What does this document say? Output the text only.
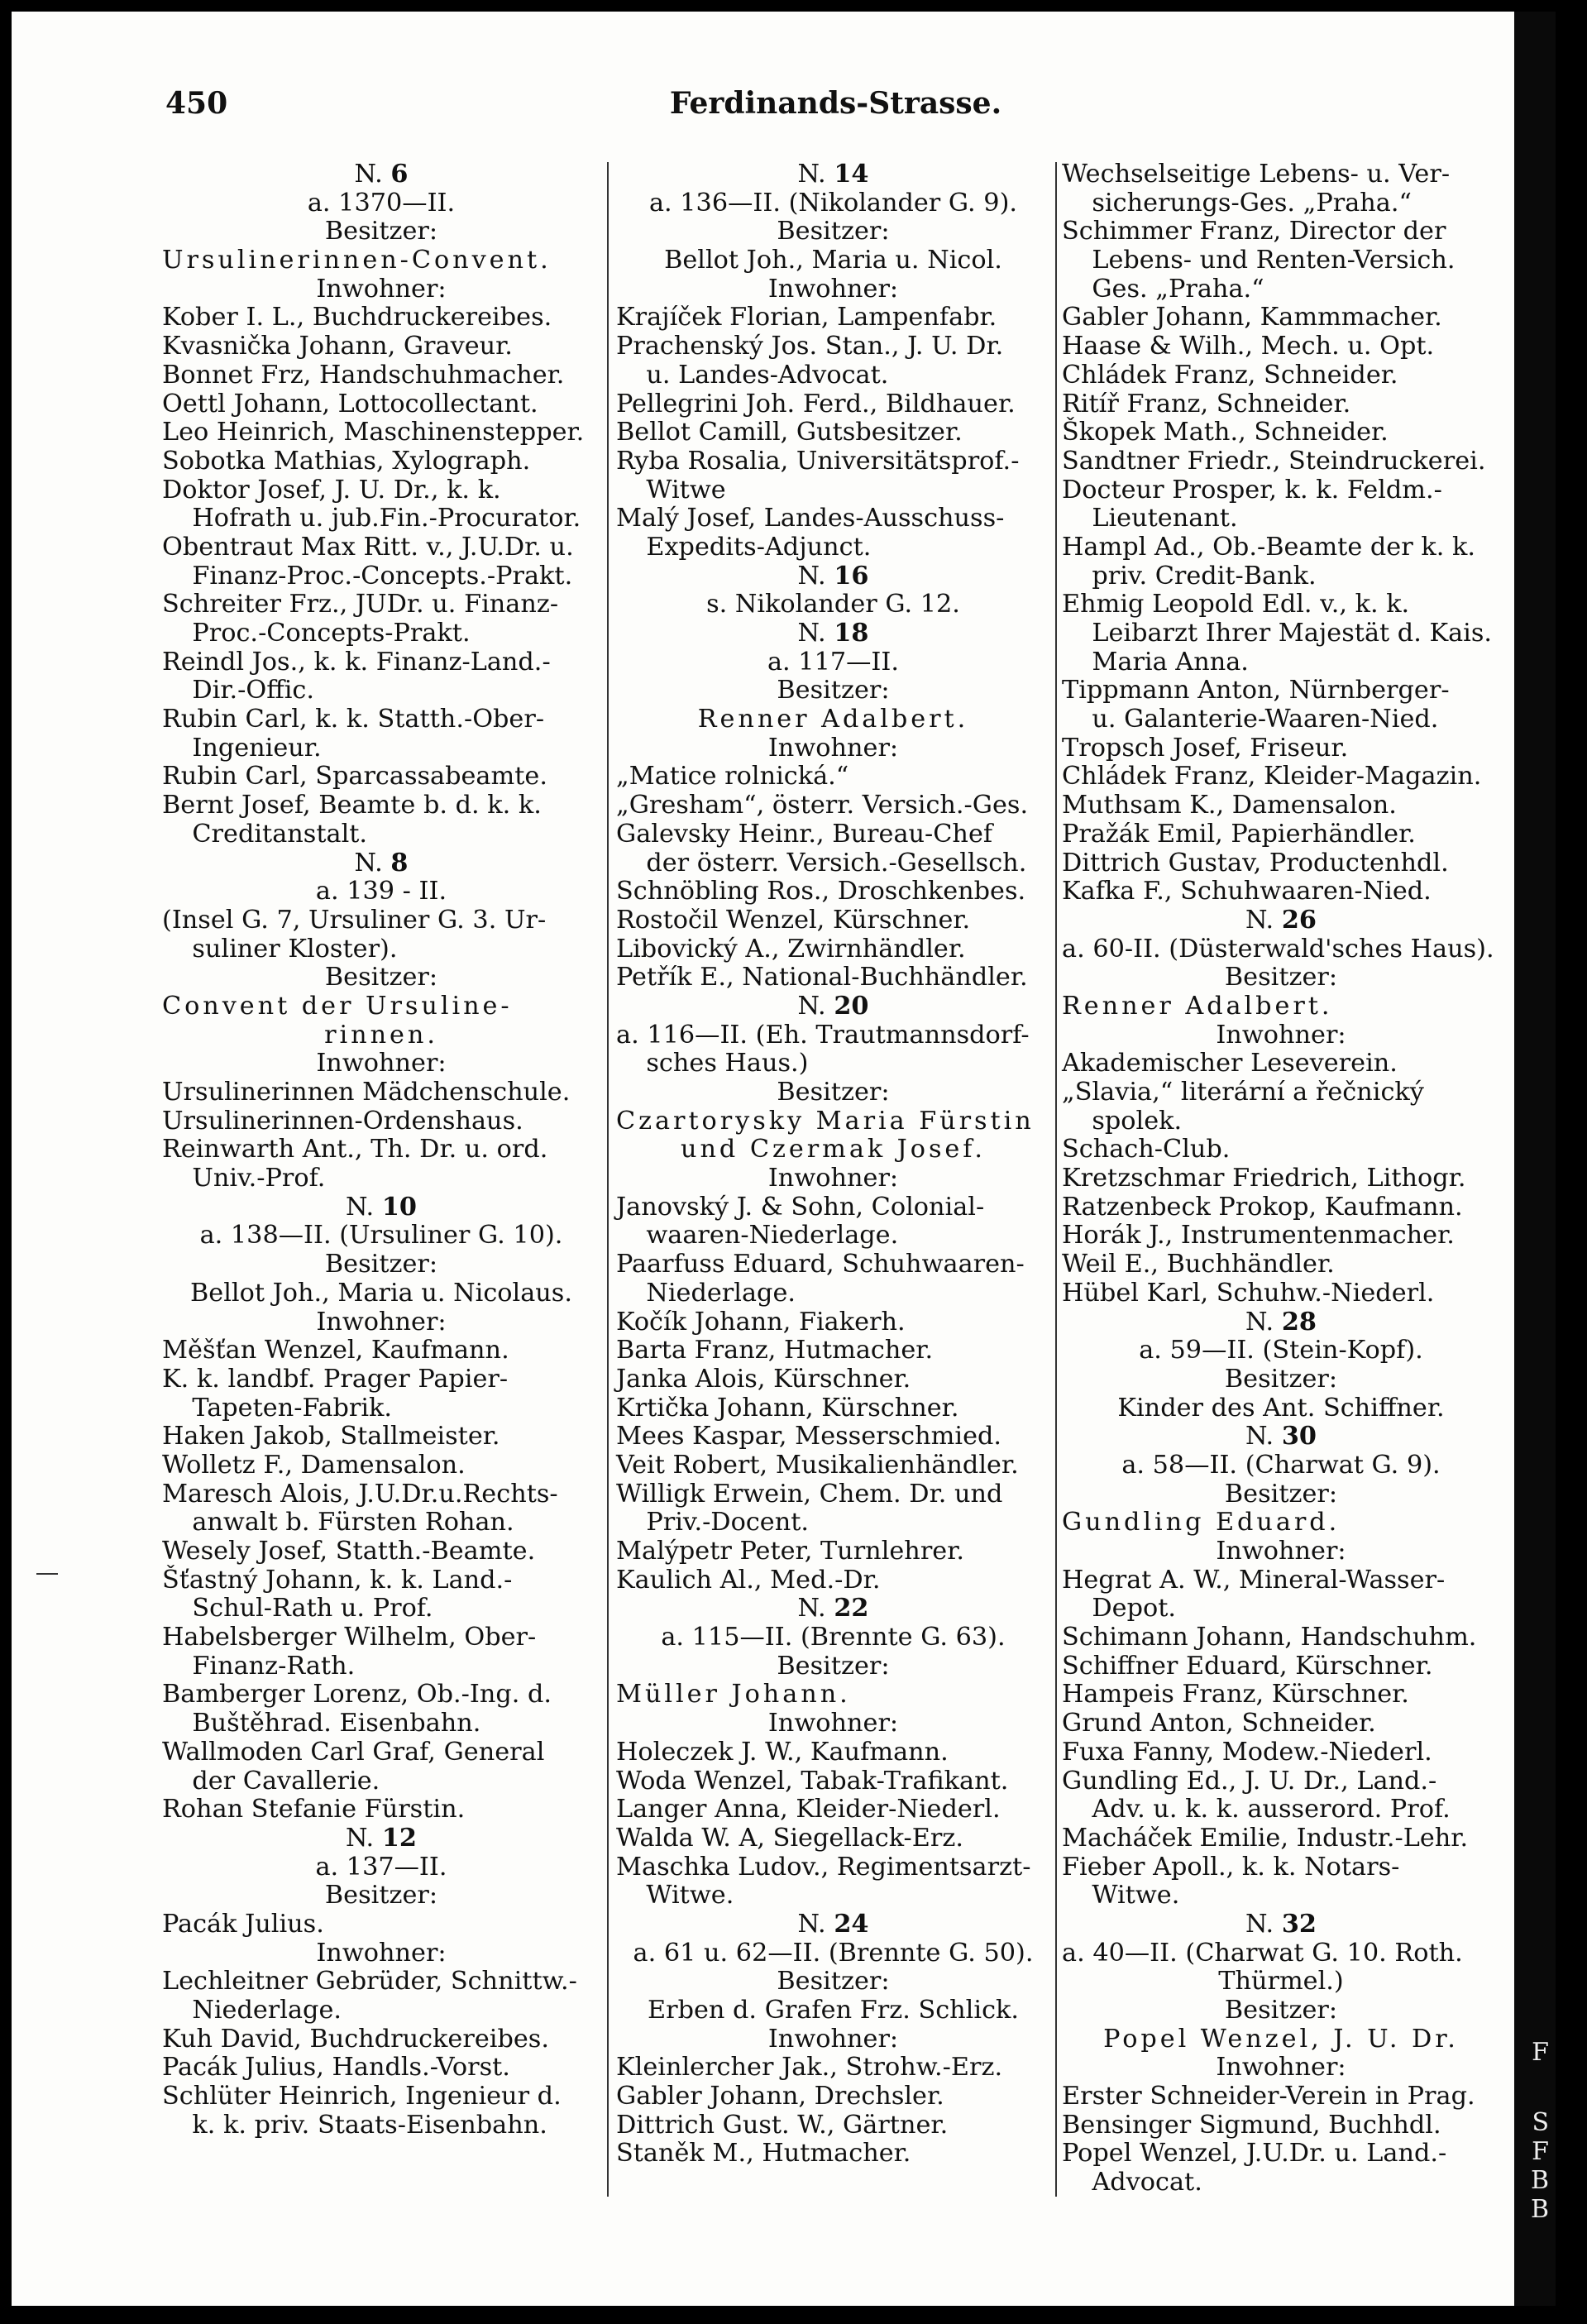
450	Ferdinands-Strasse.
N. 6
a. 1370—II.
Besitzer:
Ursulinerinnen-Convent.
Inwohner:
Kober I. L., Buchdruckereibes.
Kvasnička Johann, Graveur.
Bonnet Frz, Handschuhmacher.
Oettl Johann, Lottocollectant.
Leo Heinrich, Maschinenstepper.
Sobotka Mathias, Xylograph.
Doktor Josef, J. U. Dr., k. k.
Hofrath u. jub.Fin.-Procurator.
Obentraut Max Ritt. v., J.U.Dr. u.
Finanz-Proc.-Concepts.-Prakt.
Schreiter Frz., JUDr. u. Finanz-
Proc.-Concepts-Prakt.
Reindl Jos., k. k. Finanz-Land.-
Dir.-Offic.
Rubin Carl, k. k. Statth.-Ober-
Ingenieur.
Rubin Carl, Sparcassabeamte.
Bernt Josef, Beamte b. d. k. k.
Creditanstalt.
N. 8
a. 139 - II.
(Insel G. 7, Ursuliner G. 3. Ur-
suliner Kloster).
Besitzer:
Convent der Ursuline-
rinnen.
Inwohner:
Ursulinerinnen Mädchenschule.
Ursulinerinnen-Ordenshaus.
Reinwarth Ant., Th. Dr. u. ord.
Univ.-Prof.
N. 10
a. 138—II. (Ursuliner G. 10).
Besitzer:
Bellot Joh., Maria u. Nicolaus.
Inwohner:
Měšťan Wenzel, Kaufmann.
K. k. landbf. Prager Papier-
Tapeten-Fabrik.
Haken Jakob, Stallmeister.
Wolletz F., Damensalon.
Maresch Alois, J.U.Dr.u.Rechts-
anwalt b. Fürsten Rohan.
Wesely Josef, Statth.-Beamte.
Šťastný Johann, k. k. Land.-
Schul-Rath u. Prof.
Habelsberger Wilhelm, Ober-
Finanz-Rath.
Bamberger Lorenz, Ob.-Ing. d.
Buštěhrad. Eisenbahn.
Wallmoden Carl Graf, General
der Cavallerie.
Rohan Stefanie Fürstin.
N. 12
a. 137—II.
Besitzer:
Pacák Julius.
Inwohner:
Lechleitner Gebrüder, Schnittw.-
Niederlage.
Kuh David, Buchdruckereibes.
Pacák Julius, Handls.-Vorst.
Schlüter Heinrich, Ingenieur d.
k. k. priv. Staats-Eisenbahn.
N. 14
a. 136—II. (Nikolander G. 9).
Besitzer:
Bellot Joh., Maria u. Nicol.
Inwohner:
Krajíček Florian, Lampenfabr.
Prachenský Jos. Stan., J. U. Dr.
u. Landes-Advocat.
Pellegrini Joh. Ferd., Bildhauer.
Bellot Camill, Gutsbesitzer.
Ryba Rosalia, Universitätsprof.-
Witwe
Malý Josef, Landes-Ausschuss-
Expedits-Adjunct.
N. 16
s. Nikolander G. 12.
N. 18
a. 117—II.
Besitzer:
Renner Adalbert.
Inwohner:
„Matice rolnická.“
„Gresham“, österr. Versich.-Ges.
Galevsky Heinr., Bureau-Chef
der österr. Versich.-Gesellsch.
Schnöbling Ros., Droschkenbes.
Rostočil Wenzel, Kürschner.
Libovický A., Zwirnhändler.
Petřík E., National-Buchhändler.
N. 20
a. 116—II. (Eh. Trautmannsdorf-
sches Haus.)
Besitzer:
Czartorysky Maria Fürstin
und Czermak Josef.
Inwohner:
Janovský J. & Sohn, Colonial-
waaren-Niederlage.
Paarfuss Eduard, Schuhwaaren-
Niederlage.
Kočík Johann, Fiakerh.
Barta Franz, Hutmacher.
Janka Alois, Kürschner.
Krtička Johann, Kürschner.
Mees Kaspar, Messerschmied.
Veit Robert, Musikalienhändler.
Willigk Erwein, Chem. Dr. und
Priv.-Docent.
Malýpetr Peter, Turnlehrer.
Kaulich Al., Med.-Dr.
N. 22
a. 115—II. (Brennte G. 63).
Besitzer:
Müller Johann.
Inwohner:
Holeczek J. W., Kaufmann.
Woda Wenzel, Tabak-Trafikant.
Langer Anna, Kleider-Niederl.
Walda W. A, Siegellack-Erz.
Maschka Ludov., Regimentsarzt-
Witwe.
N. 24
a. 61 u. 62—II. (Brennte G. 50).
Besitzer:
Erben d. Grafen Frz. Schlick.
Inwohner:
Kleinlercher Jak., Strohw.-Erz.
Gabler Johann, Drechsler.
Dittrich Gust. W., Gärtner.
Staněk M., Hutmacher.
Wechselseitige Lebens- u. Ver-
sicherungs-Ges. „Praha.“
Schimmer Franz, Director der
Lebens- und Renten-Versich.
Ges. „Praha.“
Gabler Johann, Kammmacher.
Haase & Wilh., Mech. u. Opt.
Chládek Franz, Schneider.
Ritíř Franz, Schneider.
Škopek Math., Schneider.
Sandtner Friedr., Steindruckerei.
Docteur Prosper, k. k. Feldm.-
Lieutenant.
Hampl Ad., Ob.-Beamte der k. k.
priv. Credit-Bank.
Ehmig Leopold Edl. v., k. k.
Leibarzt Ihrer Majestät d. Kais.
Maria Anna.
Tippmann Anton, Nürnberger-
u. Galanterie-Waaren-Nied.
Tropsch Josef, Friseur.
Chládek Franz, Kleider-Magazin.
Muthsam K., Damensalon.
Pražák Emil, Papierhändler.
Dittrich Gustav, Productenhdl.
Kafka F., Schuhwaaren-Nied.
N. 26
a. 60-II. (Düsterwald'sches Haus).
Besitzer:
Renner Adalbert.
Inwohner:
Akademischer Leseverein.
„Slavia,“ literární a řečnický
spolek.
Schach-Club.
Kretzschmar Friedrich, Lithogr.
Ratzenbeck Prokop, Kaufmann.
Horák J., Instrumentenmacher.
Weil E., Buchhändler.
Hübel Karl, Schuhw.-Niederl.
N. 28
a. 59—II. (Stein-Kopf).
Besitzer:
Kinder des Ant. Schiffner.
N. 30
a. 58—II. (Charwat G. 9).
Besitzer:
Gundling Eduard.
Inwohner:
Hegrat A. W., Mineral-Wasser-
Depot.
Schimann Johann, Handschuhm.
Schiffner Eduard, Kürschner.
Hampeis Franz, Kürschner.
Grund Anton, Schneider.
Fuxa Fanny, Modew.-Niederl.
Gundling Ed., J. U. Dr., Land.-
Adv. u. k. k. ausserord. Prof.
Macháček Emilie, Industr.-Lehr.
Fieber Apoll., k. k. Notars-
Witwe.
N. 32
a. 40—II. (Charwat G. 10. Roth.
Thürmel.)
Besitzer:
Popel Wenzel, J. U. Dr.
Inwohner:
Erster Schneider-Verein in Prag.
Bensinger Sigmund, Buchhdl.
Popel Wenzel, J.U.Dr. u. Land.-
Advocat.
F
S
F
B
B
